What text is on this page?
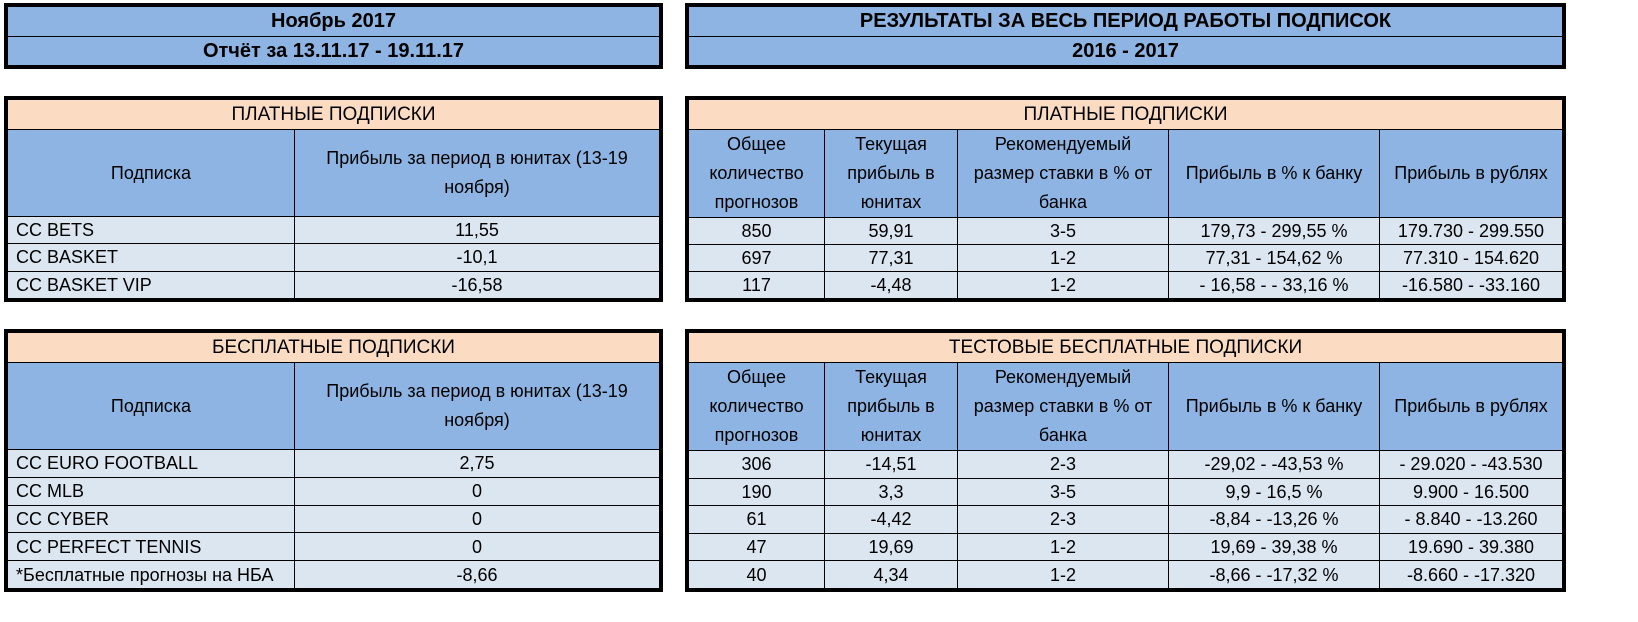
Ноябрь 2017
Отчёт за 13.11.17 - 19.11.17
РЕЗУЛЬТАТЫ ЗА ВЕСЬ ПЕРИОД РАБОТЫ ПОДПИСОК
2016 - 2017
ПЛАТНЫЕ ПОДПИСКИ	
Подписка	Прибыль за период в юнитах (13-19 ноября)
CC BETS	11,55
CC BASKET	-10,1
CC BASKET VIP	-16,58
ПЛАТНЫЕ ПОДПИСКИ				
Общее количество прогнозов	Текущая прибыль в юнитах	Рекомендуемый размер ставки в % от банка	Прибыль в % к банку	Прибыль в рублях
850	59,91	3-5	179,73 - 299,55 %	179.730 - 299.550
697	77,31	1-2	77,31 - 154,62 %	77.310 - 154.620
117	-4,48	1-2	- 16,58 - - 33,16 %	-16.580 - -33.160
БЕСПЛАТНЫЕ ПОДПИСКИ	
Подписка	Прибыль за период в юнитах (13-19 ноября)
CC EURO FOOTBALL	2,75
CC MLB	0
CC CYBER	0
CC PERFECT TENNIS	0
*Бесплатные прогнозы на НБА	-8,66
ТЕСТОВЫЕ БЕСПЛАТНЫЕ ПОДПИСКИ				
Общее количество прогнозов	Текущая прибыль в юнитах	Рекомендуемый размер ставки в % от банка	Прибыль в % к банку	Прибыль в рублях
306	-14,51	2-3	-29,02 - -43,53 %	- 29.020 - -43.530
190	3,3	3-5	9,9 - 16,5 %	9.900 - 16.500
61	-4,42	2-3	-8,84 - -13,26 %	- 8.840 - -13.260
47	19,69	1-2	19,69 - 39,38 %	19.690 - 39.380
40	4,34	1-2	-8,66 - -17,32 %	-8.660 - -17.320
